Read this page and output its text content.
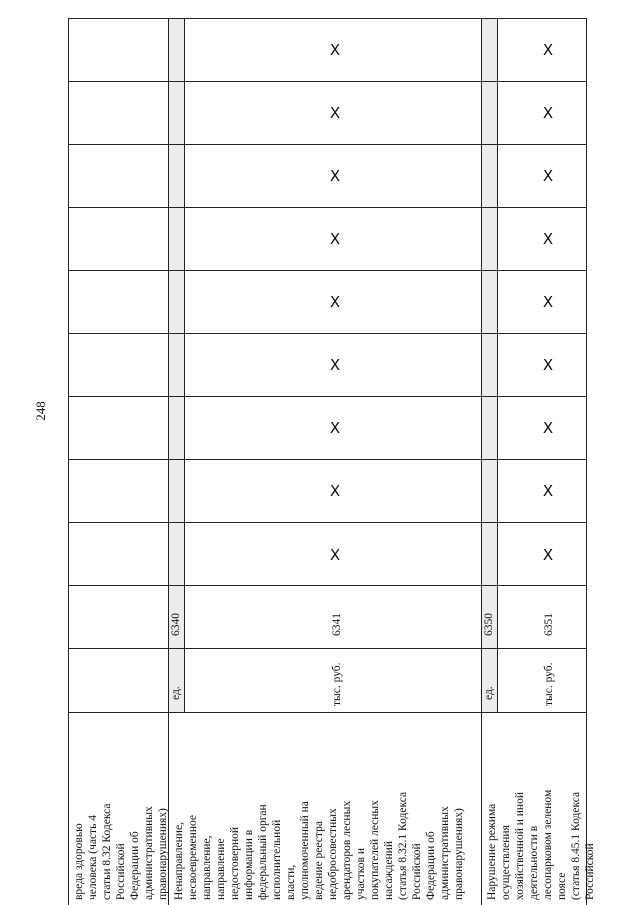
248
вреда здоровью человека (часть 4 статьи 8.32 Кодекса Российской Федерации об административных правонарушениях) Ненаправление, несвоевременное направление, направление недостоверной информации в федеральный орган исполнительной власти, уполномоченный на ведение реестра недобросовестных арендаторов лесных участков и покупателей лесных насаждений (статья 8.32.1 Кодекса Российской Федерации об административных правонарушениях) Нарушение режима осуществления хозяйственной и иной деятельности в лесопарковом зеленом поясе (статья 8.45.1 Кодекса Российской
ед.
6340
тыс. руб.
6341
ед.
6350
тыс. руб.
6351
X
X
X
X
X
X
X
X
X
X
X
X
X
X
X
X
X
X
